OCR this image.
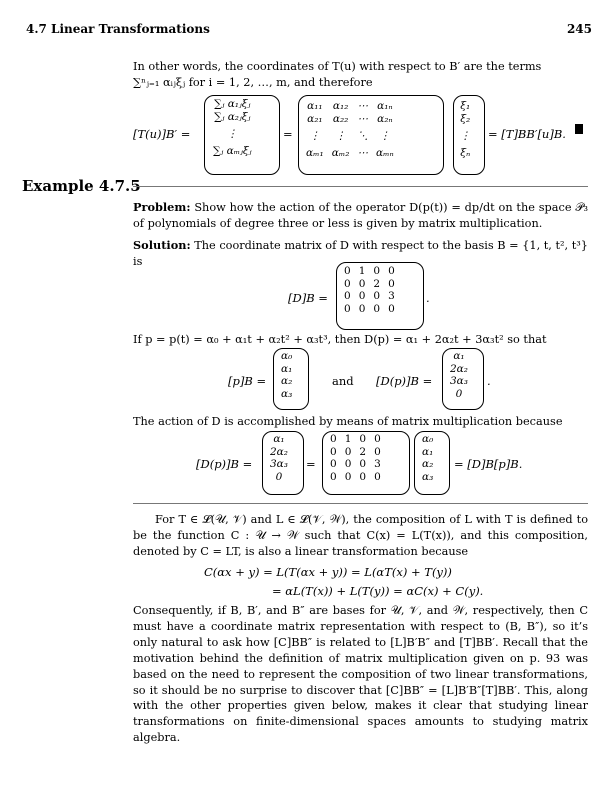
4.7 Linear Transformations	245
In other words, the coordinates of T(u) with respect to B′ are the terms
∑ⁿⱼ₌₁ αᵢⱼξⱼ for i = 1, 2, …, m, and therefore
[T(u)]B′ =
∑ⱼ α₁ⱼξⱼ
∑ⱼ α₂ⱼξⱼ
⋮
∑ⱼ αₘⱼξⱼ
=
α₁₁	α₁₂	⋯	α₁ₙ
α₂₁	α₂₂	⋯	α₂ₙ
⋮	⋮	⋱	⋮
αₘ₁	αₘ₂	⋯	αₘₙ
ξ₁
ξ₂
⋮
ξₙ
= [T]BB′[u]B.
Example 4.7.5
Problem: Show how the action of the operator D(p(t)) = dp/dt on the space 𝒫₃ of polynomials of degree three or less is given by matrix multiplication.
Solution: The coordinate matrix of D with respect to the basis B = {1, t, t², t³} is
[D]B =
0	1	0	0
0	0	2	0
0	0	0	3
0	0	0	0
.
If p = p(t) = α₀ + α₁t + α₂t² + α₃t³, then D(p) = α₁ + 2α₂t + 3α₃t² so that
[p]B =
α₀
α₁
α₂
α₃
and [D(p)]B =
α₁
2α₂
3α₃
0
.
The action of D is accomplished by means of matrix multiplication because
[D(p)]B =
α₁
2α₂
3α₃
0
=
0	1	0	0
0	0	2	0
0	0	0	3
0	0	0	0
α₀
α₁
α₂
α₃
= [D]B[p]B.
For T ∈ 𝓛(𝒰, 𝒱) and L ∈ 𝓛(𝒱, 𝒲), the composition of L with T is defined to be the function C : 𝒰 → 𝒲 such that C(x) = L(T(x)), and this composition, denoted by C = LT, is also a linear transformation because
C(αx + y) = L(T(αx + y)) = L(αT(x) + T(y))
= αL(T(x)) + L(T(y)) = αC(x) + C(y).
Consequently, if B, B′, and B″ are bases for 𝒰, 𝒱, and 𝒲, respectively, then C must have a coordinate matrix representation with respect to (B, B″), so it’s only natural to ask how [C]BB″ is related to [L]B′B″ and [T]BB′. Recall that the motivation behind the definition of matrix multiplication given on p. 93 was based on the need to represent the composition of two linear transformations, so it should be no surprise to discover that [C]BB″ = [L]B′B″[T]BB′. This, along with the other properties given below, makes it clear that studying linear transformations on finite-dimensional spaces amounts to studying matrix algebra.
